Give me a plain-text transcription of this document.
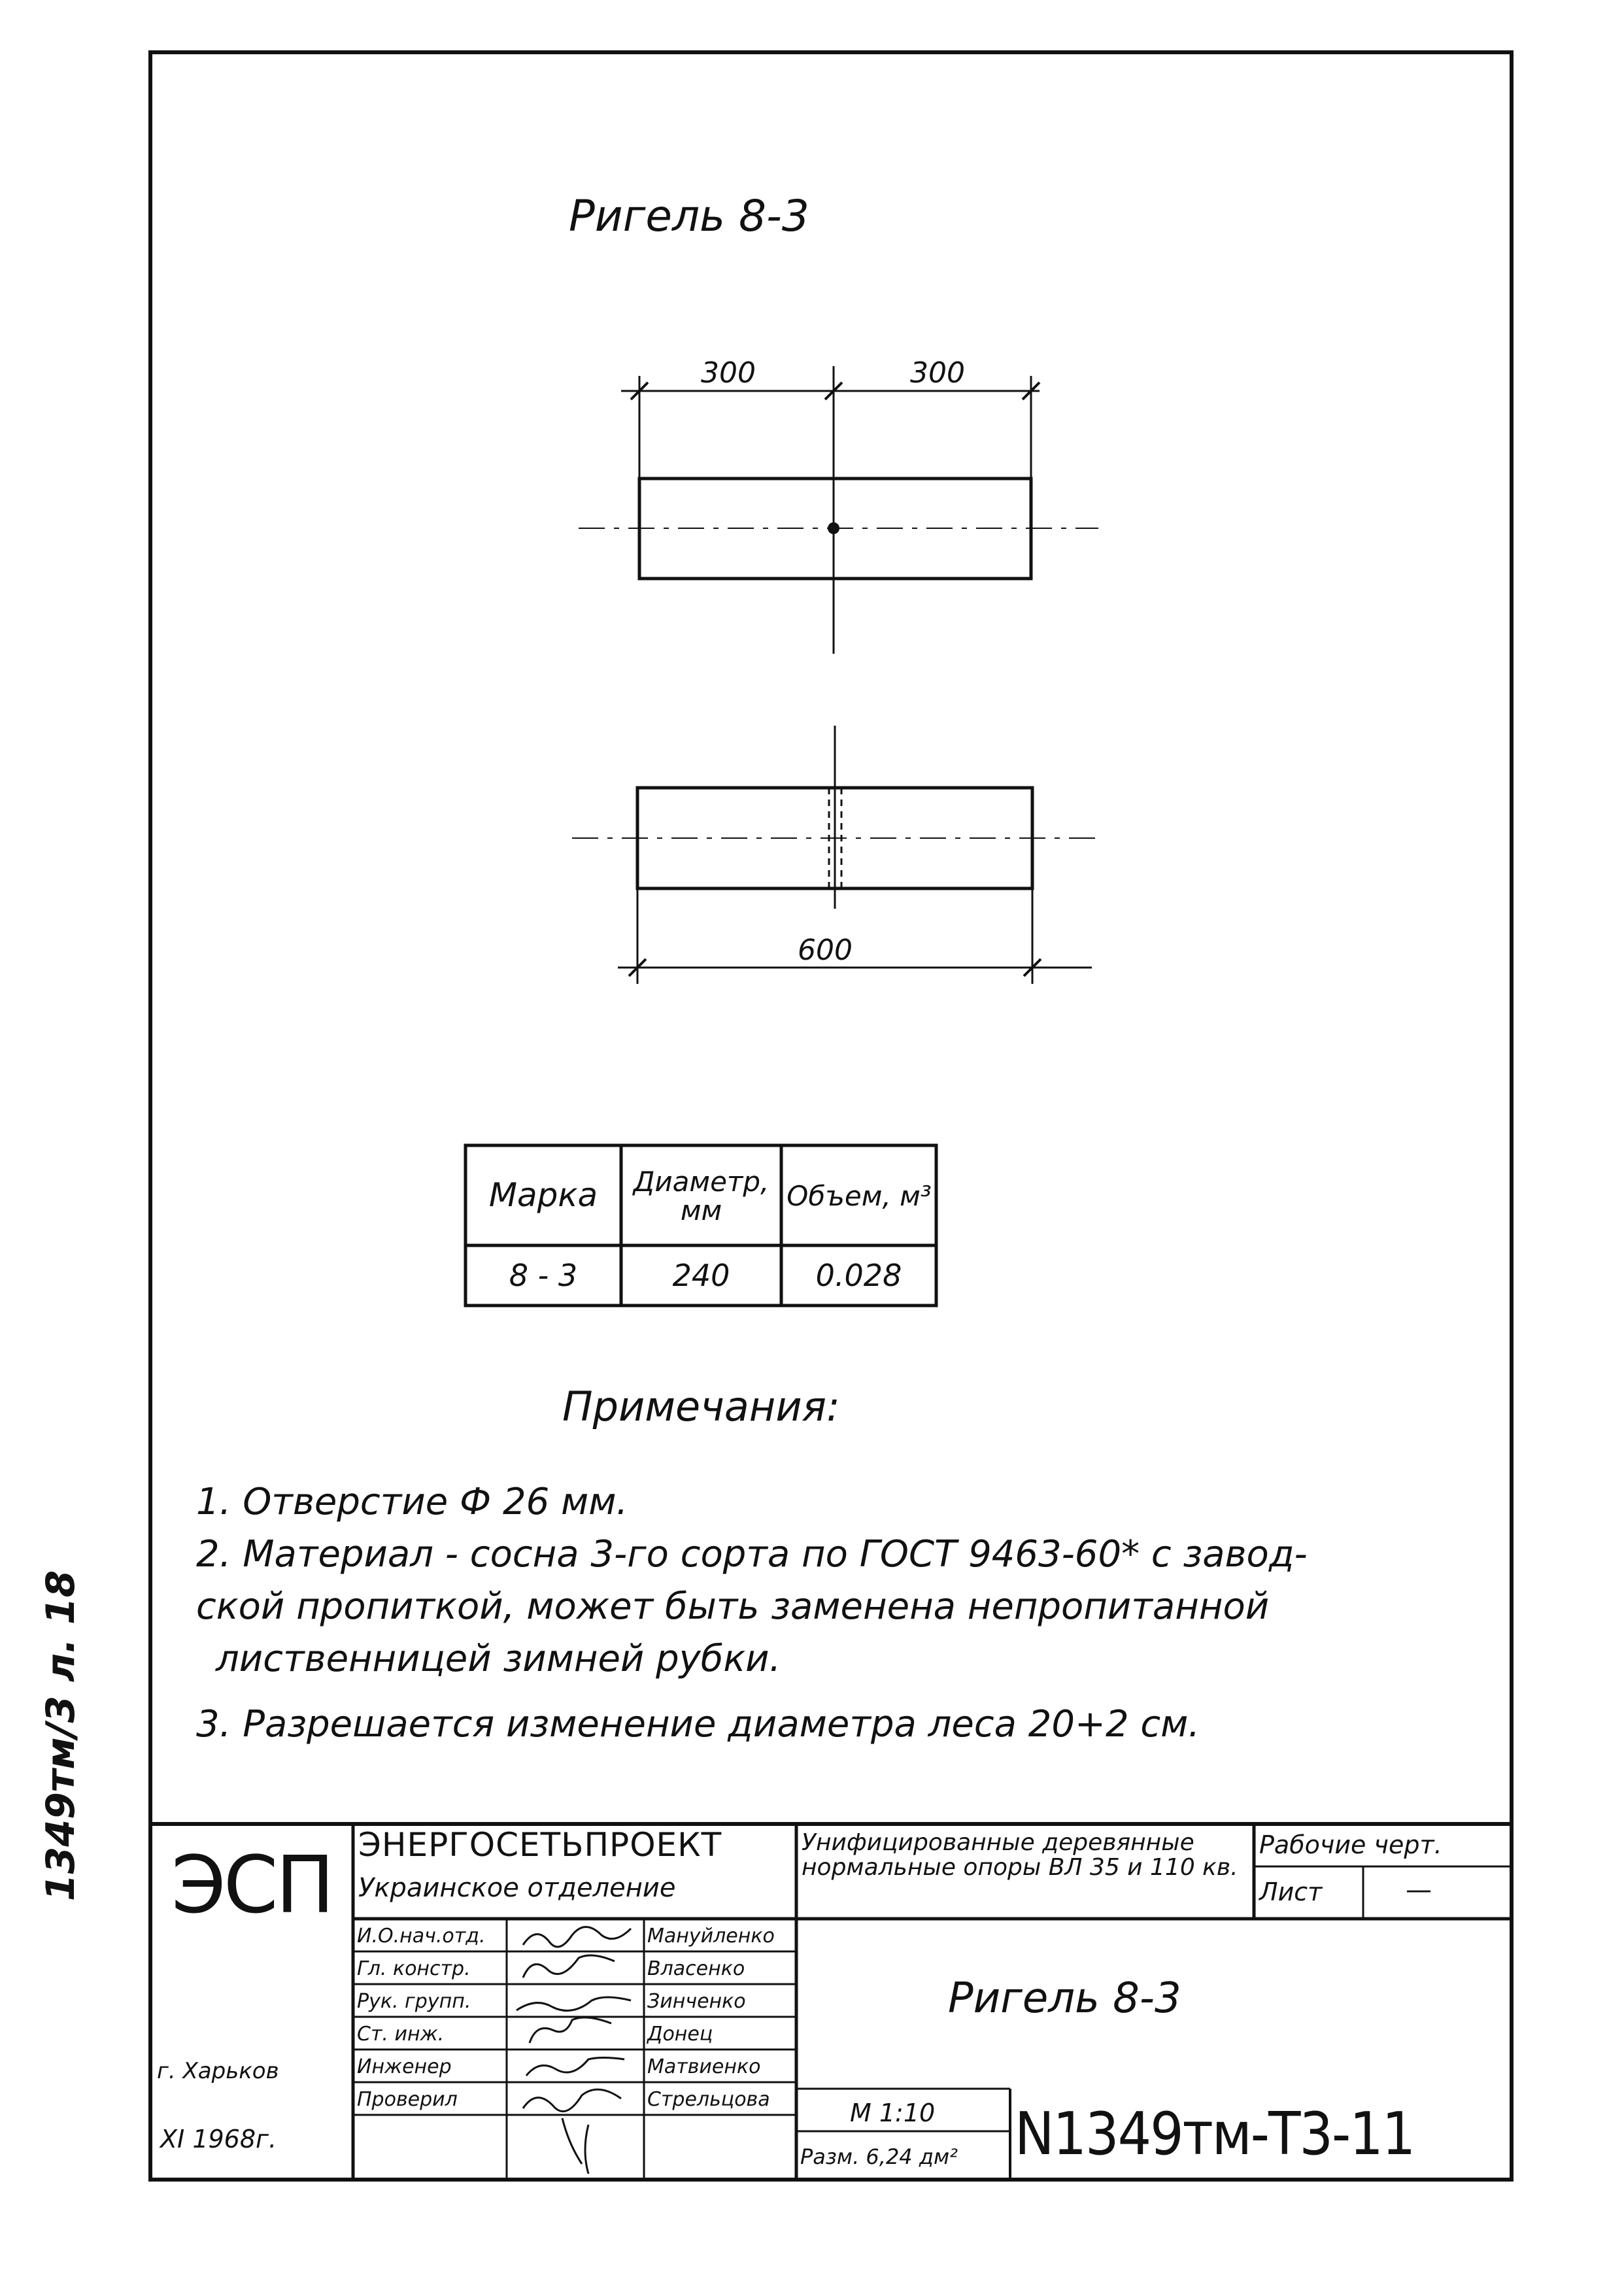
Ригель 8-3
300	300
600
Марка	Диаметр, мм	Объем, м³
8 - 3	240	0.028
Примечания:
1. Отверстие Ф 26 мм.
2. Материал - сосна 3-го сорта по ГОСТ 9463-60* с завод-
ской пропиткой, может быть заменена непропитанной
лиственницей зимней рубки.
3. Разрешается изменение диаметра леса 20+2 см.
1349тм/3 л. 18 ЭСП
г. Харьков
XI 1968г.
ЭНЕРГОСЕТЬПРОЕКТ
Украинское отделение
Унифицированные деревянные нормальные опоры ВЛ 35 и 110 кв.
Рабочие черт.
Лист	—
И.О.нач.отд.	Мануйленко
Гл. констр.	Власенко
Рук. групп.	Зинченко
Ст. инж.	Донец
Инженер	Матвиенко
Проверил	Стрельцова
Ригель 8-3
М 1:10
Разм. 6,24 дм² N1349тм-Т3-11
